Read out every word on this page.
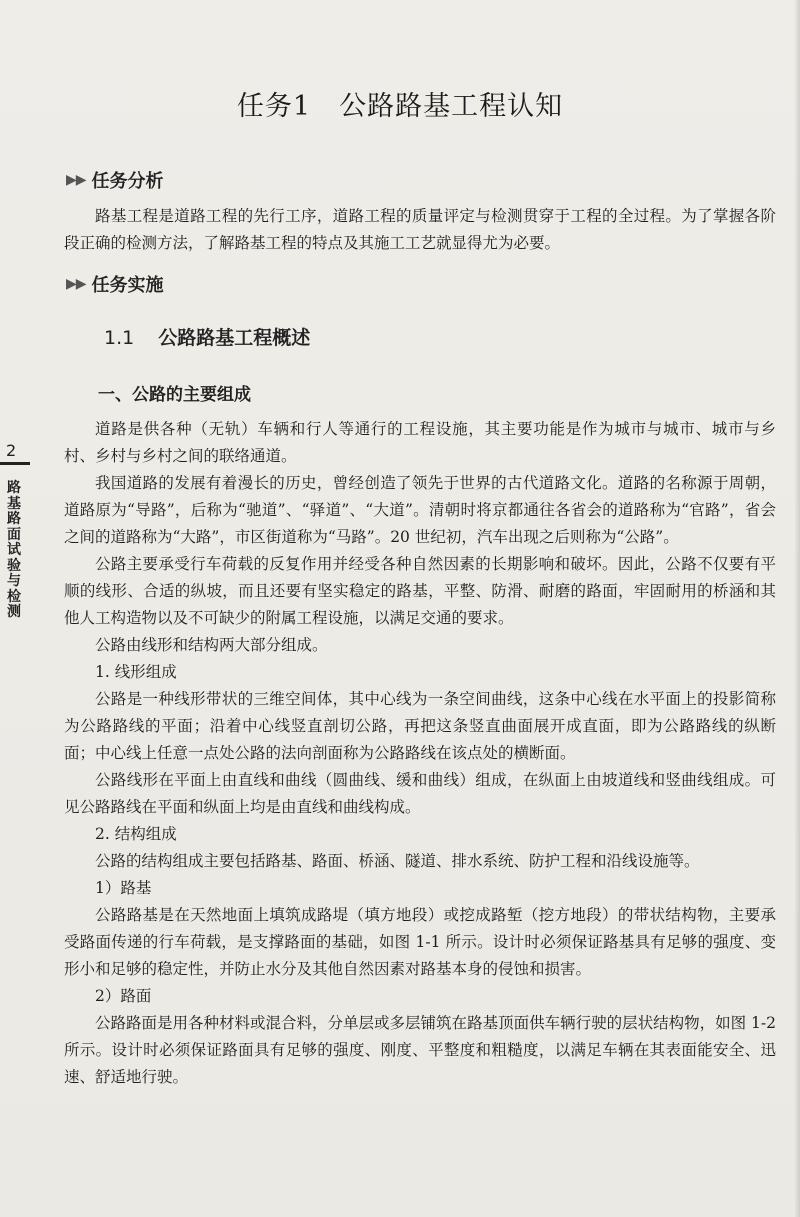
任务1　公路路基工程认知
▶▶ 任务分析

路基工程是道路工程的先行工序，道路工程的质量评定与检测贯穿于工程的全过程。为了掌握各阶段正确的检测方法，了解路基工程的特点及其施工工艺就显得尤为必要。

▶▶ 任务实施
1.1 公路路基工程概述
一、公路的主要组成

道路是供各种（无轨）车辆和行人等通行的工程设施，其主要功能是作为城市与城市、城市与乡村、乡村与乡村之间的联络通道。

我国道路的发展有着漫长的历史，曾经创造了领先于世界的古代道路文化。道路的名称源于周朝，道路原为“导路”，后称为“驰道”、“驿道”、“大道”。清朝时将京都通往各省会的道路称为“官路”，省会之间的道路称为“大路”，市区街道称为“马路”。20 世纪初，汽车出现之后则称为“公路”。

公路主要承受行车荷载的反复作用并经受各种自然因素的长期影响和破坏。因此，公路不仅要有平顺的线形、合适的纵坡，而且还要有坚实稳定的路基，平整、防滑、耐磨的路面，牢固耐用的桥涵和其他人工构造物以及不可缺少的附属工程设施，以满足交通的要求。

公路由线形和结构两大部分组成。

1. 线形组成

公路是一种线形带状的三维空间体，其中心线为一条空间曲线，这条中心线在水平面上的投影简称为公路路线的平面；沿着中心线竖直剖切公路，再把这条竖直曲面展开成直面，即为公路路线的纵断面；中心线上任意一点处公路的法向剖面称为公路路线在该点处的横断面。

公路线形在平面上由直线和曲线（圆曲线、缓和曲线）组成，在纵面上由坡道线和竖曲线组成。可见公路路线在平面和纵面上均是由直线和曲线构成。

2. 结构组成

公路的结构组成主要包括路基、路面、桥涵、隧道、排水系统、防护工程和沿线设施等。

1）路基

公路路基是在天然地面上填筑成路堤（填方地段）或挖成路堑（挖方地段）的带状结构物，主要承受路面传递的行车荷载，是支撑路面的基础，如图 1-1 所示。设计时必须保证路基具有足够的强度、变形小和足够的稳定性，并防止水分及其他自然因素对路基本身的侵蚀和损害。

2）路面

公路路面是用各种材料或混合料，分单层或多层铺筑在路基顶面供车辆行驶的层状结构物，如图 1-2 所示。设计时必须保证路面具有足够的强度、刚度、平整度和粗糙度，以满足车辆在其表面能安全、迅速、舒适地行驶。

2
路基路面试验与检测
